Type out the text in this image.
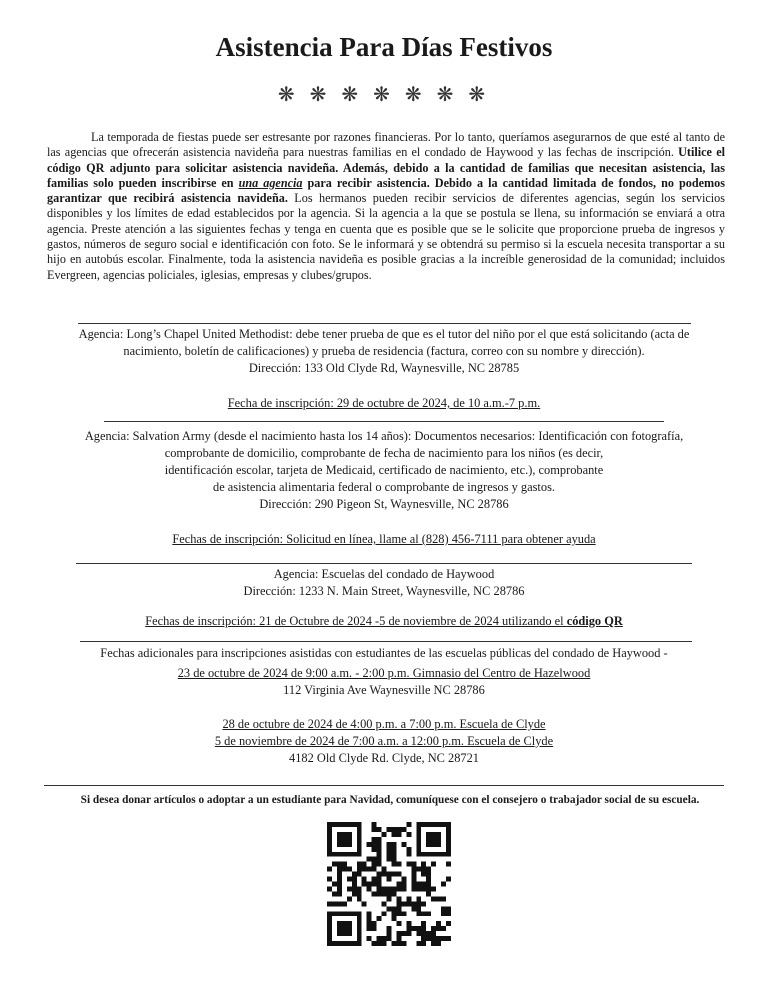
Asistencia Para Días Festivos
❋ ❋ ❋ ❋ ❋ ❋ ❋

La temporada de fiestas puede ser estresante por razones financieras. Por lo tanto, queríamos asegurarnos de que esté al tanto de las agencias que ofrecerán asistencia navideña para nuestras familias en el condado de Haywood y las fechas de inscripción. Utilice el código QR adjunto para solicitar asistencia navideña. Además, debido a la cantidad de familias que necesitan asistencia, las familias solo pueden inscribirse en una agencia para recibir asistencia. Debido a la cantidad limitada de fondos, no podemos garantizar que recibirá asistencia navideña. Los hermanos pueden recibir servicios de diferentes agencias, según los servicios disponibles y los límites de edad establecidos por la agencia. Si la agencia a la que se postula se llena, su información se enviará a otra agencia. Preste atención a las siguientes fechas y tenga en cuenta que es posible que se le solicite que proporcione prueba de ingresos y gastos, números de seguro social e identificación con foto. Se le informará y se obtendrá su permiso si la escuela necesita transportar a su hijo en autobús escolar. Finalmente, toda la asistencia navideña es posible gracias a la increíble generosidad de la comunidad; incluidos Evergreen, agencias policiales, iglesias, empresas y clubes/grupos.

Agencia: Long’s Chapel United Methodist: debe tener prueba de que es el tutor del niño por el que está solicitando (acta de nacimiento, boletín de calificaciones) y prueba de residencia (factura, correo con su nombre y dirección).

Dirección: 133 Old Clyde Rd, Waynesville, NC 28785

Fecha de inscripción: 29 de octubre de 2024, de 10 a.m.-7 p.m.

Agencia: Salvation Army (desde el nacimiento hasta los 14 años): Documentos necesarios: Identificación con fotografía,

comprobante de domicilio, comprobante de fecha de nacimiento para los niños (es decir,

identificación escolar, tarjeta de Medicaid, certificado de nacimiento, etc.), comprobante

de asistencia alimentaria federal o comprobante de ingresos y gastos.

Dirección: 290 Pigeon St, Waynesville, NC 28786

Fechas de inscripción: Solicitud en línea, llame al (828) 456-7111 para obtener ayuda

Agencia: Escuelas del condado de Haywood

Dirección: 1233 N. Main Street, Waynesville, NC 28786

Fechas de inscripción: 21 de Octubre de 2024 -5 de noviembre de 2024 utilizando el código QR

Fechas adicionales para inscripciones asistidas con estudiantes de las escuelas públicas del condado de Haywood -

23 de octubre de 2024 de 9:00 a.m. - 2:00 p.m. Gimnasio del Centro de Hazelwood

112 Virginia Ave Waynesville NC 28786

28 de octubre de 2024 de 4:00 p.m. a 7:00 p.m. Escuela de Clyde

5 de noviembre de 2024 de 7:00 a.m. a 12:00 p.m. Escuela de Clyde

4182 Old Clyde Rd. Clyde, NC 28721

Si desea donar artículos o adoptar a un estudiante para Navidad, comuníquese con el consejero o trabajador social de su escuela.
